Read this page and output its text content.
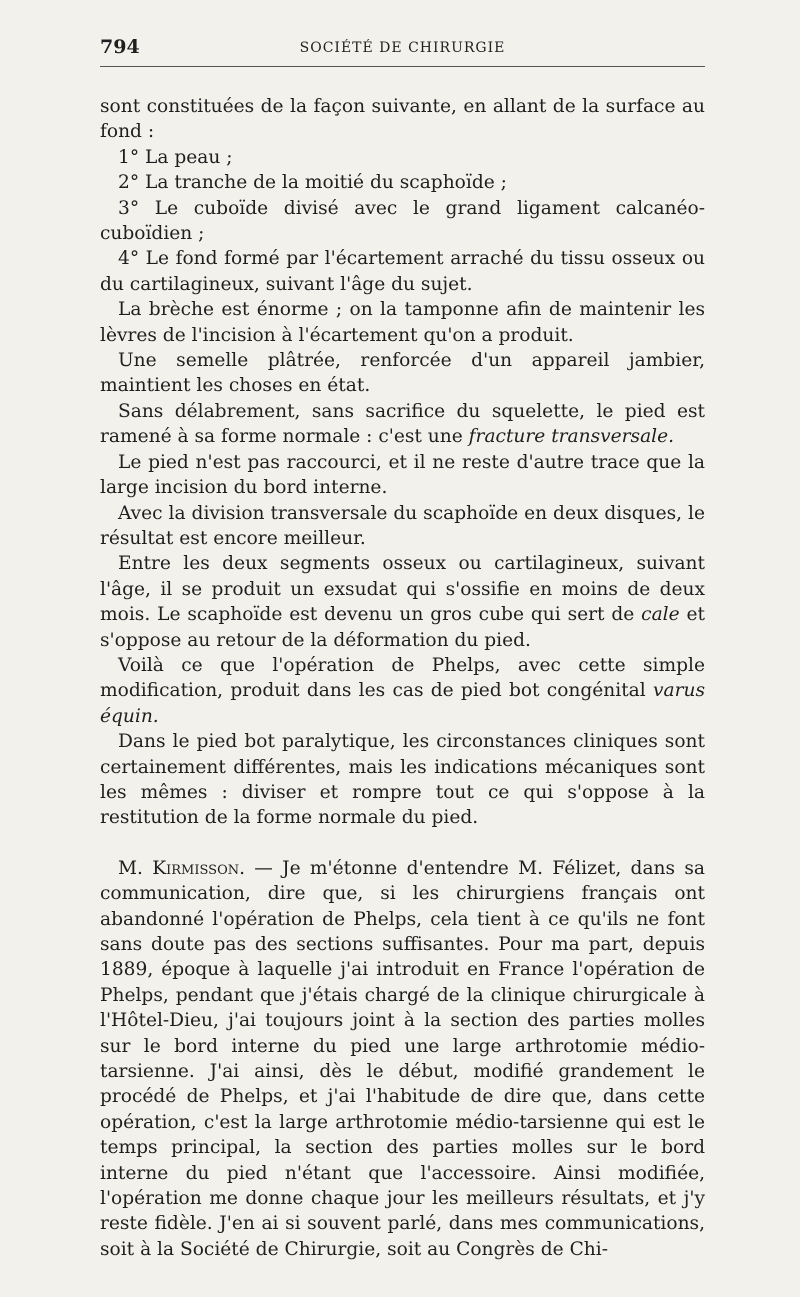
794	SOCIÉTÉ DE CHIRURGIE

sont constituées de la façon suivante, en allant de la surface au fond :

1° La peau ;

2° La tranche de la moitié du scaphoïde ;

3° Le cuboïde divisé avec le grand ligament calcanéo-cuboïdien ;

4° Le fond formé par l'écartement arraché du tissu osseux ou du cartilagineux, suivant l'âge du sujet.

La brèche est énorme ; on la tamponne afin de maintenir les lèvres de l'incision à l'écartement qu'on a produit.

Une semelle plâtrée, renforcée d'un appareil jambier, maintient les choses en état.

Sans délabrement, sans sacrifice du squelette, le pied est ramené à sa forme normale : c'est une fracture transversale.

Le pied n'est pas raccourci, et il ne reste d'autre trace que la large incision du bord interne.

Avec la division transversale du scaphoïde en deux disques, le résultat est encore meilleur.

Entre les deux segments osseux ou cartilagineux, suivant l'âge, il se produit un exsudat qui s'ossifie en moins de deux mois. Le scaphoïde est devenu un gros cube qui sert de cale et s'oppose au retour de la déformation du pied.

Voilà ce que l'opération de Phelps, avec cette simple modification, produit dans les cas de pied bot congénital varus équin.

Dans le pied bot paralytique, les circonstances cliniques sont certainement différentes, mais les indications mécaniques sont les mêmes : diviser et rompre tout ce qui s'oppose à la restitution de la forme normale du pied.

M. Kirmisson. — Je m'étonne d'entendre M. Félizet, dans sa communication, dire que, si les chirurgiens français ont abandonné l'opération de Phelps, cela tient à ce qu'ils ne font sans doute pas des sections suffisantes. Pour ma part, depuis 1889, époque à laquelle j'ai introduit en France l'opération de Phelps, pendant que j'étais chargé de la clinique chirurgicale à l'Hôtel-Dieu, j'ai toujours joint à la section des parties molles sur le bord interne du pied une large arthrotomie médio-tarsienne. J'ai ainsi, dès le début, modifié grandement le procédé de Phelps, et j'ai l'habitude de dire que, dans cette opération, c'est la large arthrotomie médio-tarsienne qui est le temps principal, la section des parties molles sur le bord interne du pied n'étant que l'accessoire. Ainsi modifiée, l'opération me donne chaque jour les meilleurs résultats, et j'y reste fidèle. J'en ai si souvent parlé, dans mes communications, soit à la Société de Chirurgie, soit au Congrès de Chi-
